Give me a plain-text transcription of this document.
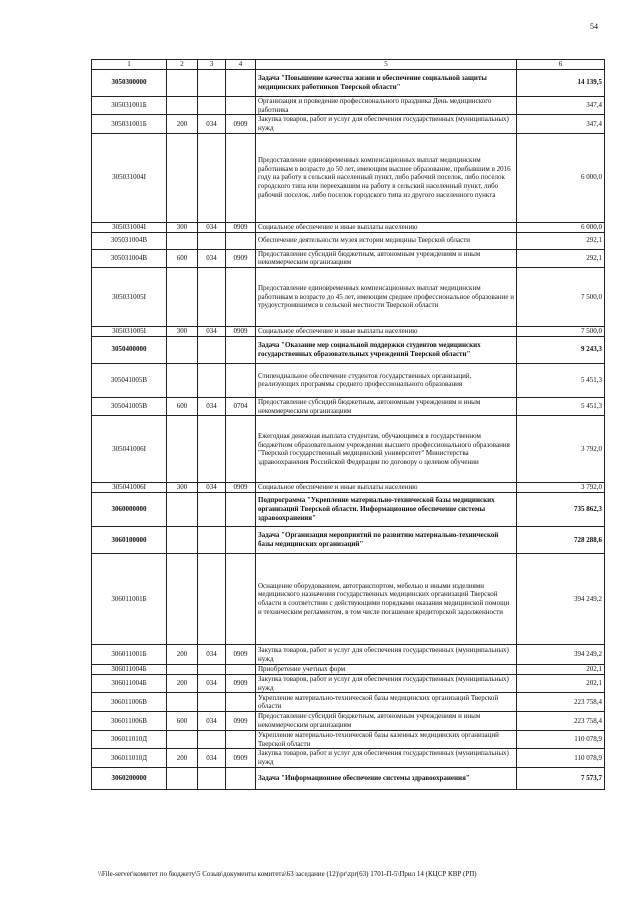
54
1	2	3	4	5	6
3050300000				Задача "Повышение качества жизни и обеспечение социальной защиты медицинских работников Тверской области"	14 139,5
305031001Б				Организация и проведение профессионального праздника День медицинского работника	347,4
305031001Б	200	034	0909	Закупка товаров, работ и услуг для обеспечения государственных (муниципальных) нужд	347,4
305031004I				Предоставление единовременных компенсационных выплат медицинским работникам в возрасте до 50 лет, имеющим высшее образование, прибывшим в 2016 году на работу в сельский населенный пункт, либо рабочий поселок, либо поселок городского типа или переехавшим на работу в сельский населенный пункт, либо рабочий поселок, либо поселок городского типа из другого населенного пункта	6 000,0
305031004I	300	034	0909	Социальное обеспечение и иные выплаты населению	6 000,0
305031004В				Обеспечение деятельности музея истории медицины Тверской области	292,1
305031004В	600	034	0909	Предоставление субсидий бюджетным, автономным учреждениям и иным некоммерческим организациям	292,1
305031005I				Предоставление единовременных компенсационных выплат медицинским работникам в возрасте до 45 лет, имеющим среднее профессиональное образование и трудоустроившимся в сельской местности Тверской области	7 500,0
305031005I	300	034	0909	Социальное обеспечение и иные выплаты населению	7 500,0
3050400000				Задача "Оказание мер социальной поддержки студентов медицинских государственных образовательных учреждений Тверской области"	9 243,3
305041005В				Стипендиальное обеспечение студентов государственных организаций, реализующих программы среднего профессионального образования	5 451,3
305041005В	600	034	0704	Предоставление субсидий бюджетным, автономным учреждениям и иным некоммерческим организациям	5 451,3
305041006I				Ежегодная денежная выплата студентам, обучающимся в государственном бюджетном образовательном учреждении высшего профессионального образования "Тверской государственный медицинский университет" Министерства здравоохранения Российской Федерации по договору о целевом обучении	3 792,0
305041006I	300	034	0909	Социальное обеспечение и иные выплаты населению	3 792,0
3060000000				Подпрограмма "Укрепление материально-технической базы медицинских организаций Тверской области. Информационное обеспечение системы здравоохранения"	735 862,3
3060100000				Задача "Организация мероприятий по развитию материально-технической базы медицинских организаций"	728 288,6
306011001Б				Оснащение оборудованием, автотранспортом, мебелью и иными изделиями медицинского назначения государственных медицинских организаций Тверской области в соответствии с действующими порядками оказания медицинской помощи и техническим регламентом, в том числе погашение кредиторской задолженности	394 249,2
306011001Б	200	034	0909	Закупка товаров, работ и услуг для обеспечения государственных (муниципальных) нужд	394 249,2
306011004Б				Приобретение учетных форм	202,1
306011004Б	200	034	0909	Закупка товаров, работ и услуг для обеспечения государственных (муниципальных) нужд	202,1
306011006В				Укрепление материально-технической базы медицинских организаций Тверской области	223 758,4
306011006В	600	034	0909	Предоставление субсидий бюджетным, автономным учреждениям и иным некоммерческим организациям	223 758,4
306011010Д				Укрепление материально-технической базы казенных медицинских организаций Тверской области	110 078,9
306011010Д	200	034	0909	Закупка товаров, работ и услуг для обеспечения государственных (муниципальных) нужд	110 078,9
3060200000				Задача "Информационное обеспечение системы здравоохранения"	7 573,7
\\File-server\комитет по бюджету\5 Созыв\документы комитета\63 заседание (12)\pr\zpr(63) 1701-П-5\Прил 14 (КЦСР КВР (РП)
